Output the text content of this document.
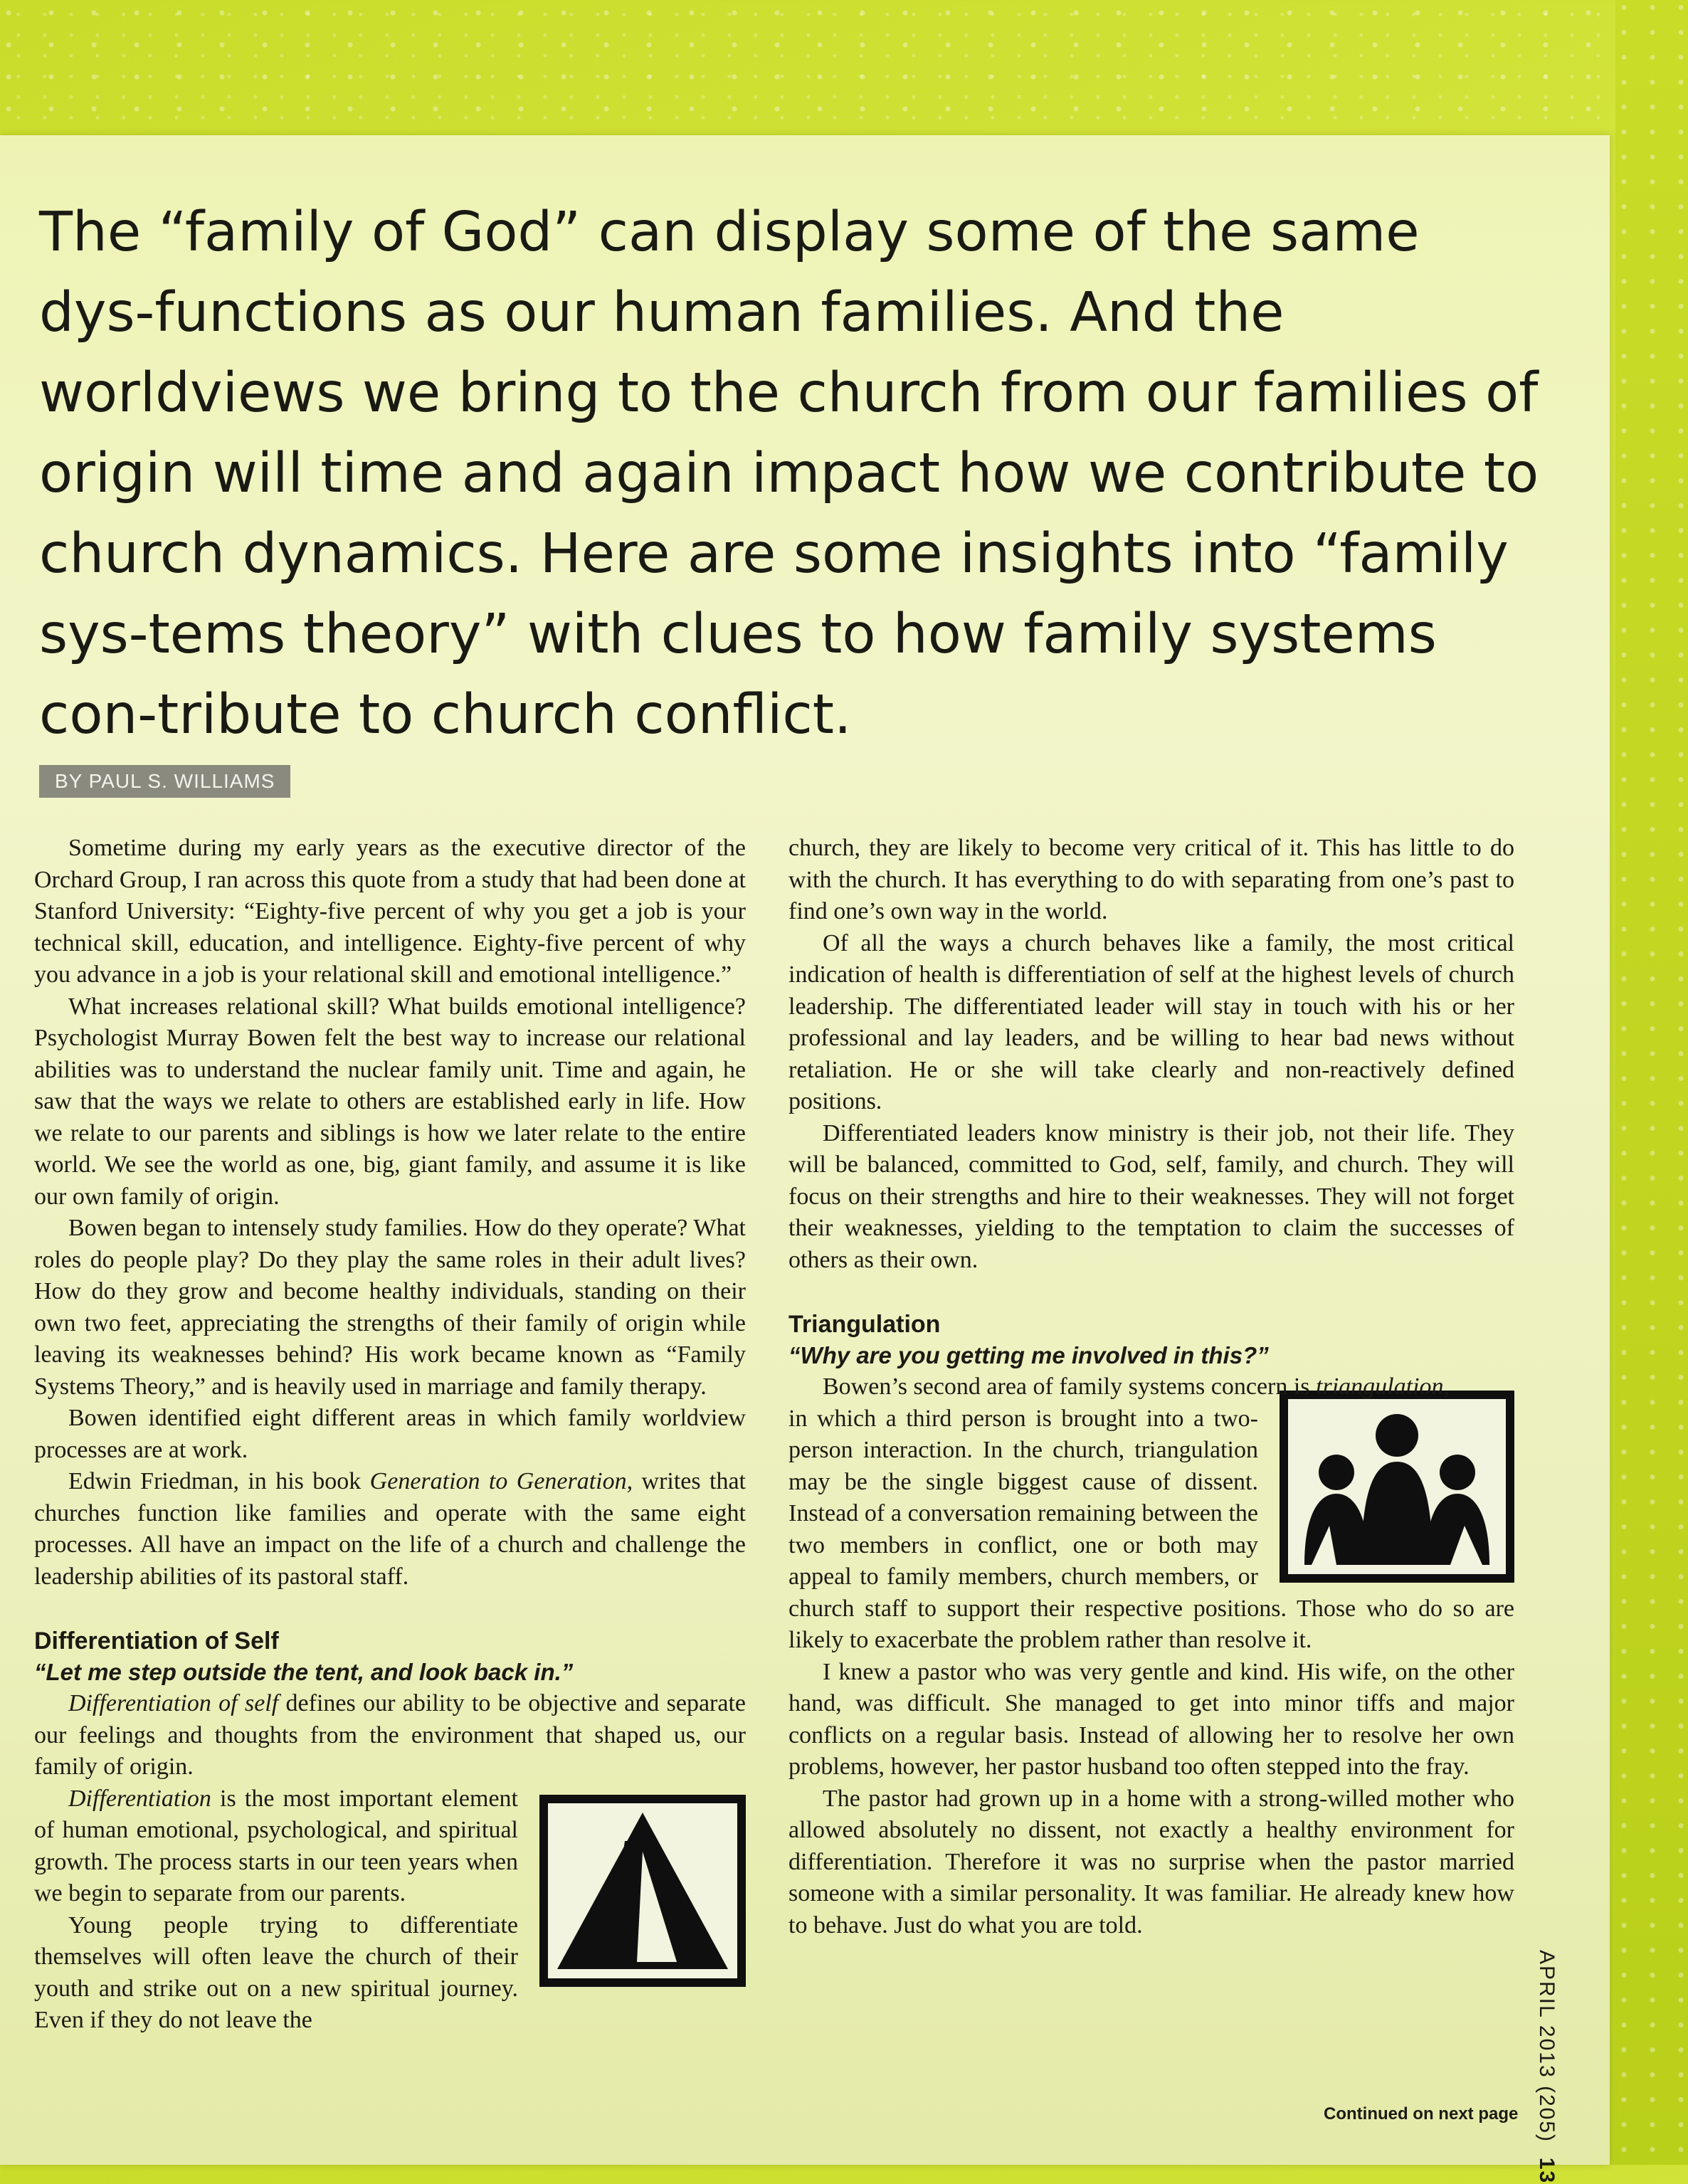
The “family of God” can display some of the same dys-functions as our human families. And the worldviews we bring to the church from our families of origin will time and again impact how we contribute to church dynamics. Here are some insights into “family sys-tems theory” with clues to how family systems con-tribute to church conflict.
BY PAUL S. WILLIAMS

Sometime during my early years as the executive director of the Orchard Group, I ran across this quote from a study that had been done at Stanford University: “Eighty-five percent of why you get a job is your technical skill, education, and intelligence. Eighty-five percent of why you advance in a job is your relational skill and emotional intelligence.”

What increases relational skill? What builds emotional intelligence? Psychologist Murray Bowen felt the best way to increase our relational abilities was to understand the nuclear family unit. Time and again, he saw that the ways we relate to others are established early in life. How we relate to our parents and siblings is how we later relate to the entire world. We see the world as one, big, giant family, and assume it is like our own family of origin.

Bowen began to intensely study families. How do they operate? What roles do people play? Do they play the same roles in their adult lives? How do they grow and become healthy individuals, standing on their own two feet, appreciating the strengths of their family of origin while leaving its weaknesses behind? His work became known as “Family Systems Theory,” and is heavily used in marriage and family therapy.

Bowen identified eight different areas in which family worldview processes are at work.

Edwin Friedman, in his book Generation to Generation, writes that churches function like families and operate with the same eight processes. All have an impact on the life of a church and challenge the leadership abilities of its pastoral staff.

Differentiation of Self

“Let me step outside the tent, and look back in.”

Differentiation of self defines our ability to be objective and separate our feelings and thoughts from the environment that shaped us, our family of origin.

Differentiation is the most important element of human emotional, psychological, and spiritual growth. The process starts in our teen years when we begin to separate from our parents.

Young people trying to differentiate themselves will often leave the church of their youth and strike out on a new spiritual journey. Even if they do not leave the

church, they are likely to become very critical of it. This has little to do with the church. It has everything to do with separating from one’s past to find one’s own way in the world.

Of all the ways a church behaves like a family, the most critical indication of health is differentiation of self at the highest levels of church leadership. The differentiated leader will stay in touch with his or her professional and lay leaders, and be willing to hear bad news without retaliation. He or she will take clearly and non-reactively defined positions.

Differentiated leaders know ministry is their job, not their life. They will be balanced, committed to God, self, family, and church. They will focus on their strengths and hire to their weaknesses. They will not forget their weaknesses, yielding to the temptation to claim the successes of others as their own.

Triangulation

“Why are you getting me involved in this?”

Bowen’s second area of family systems concern is triangulation,

in which a third person is brought into a two-person interaction. In the church, triangulation may be the single biggest cause of dissent. Instead of a conversation remaining between the two members in conflict, one or both may appeal to family members, church members, or church staff to support their respective positions. Those who do so are likely to exacerbate the problem rather than resolve it.

I knew a pastor who was very gentle and kind. His wife, on the other hand, was difficult. She managed to get into minor tiffs and major conflicts on a regular basis. Instead of allowing her to resolve her own problems, however, her pastor husband too often stepped into the fray.

The pastor had grown up in a home with a strong-willed mother who allowed absolutely no dissent, not exactly a healthy environment for differentiation. Therefore it was no surprise when the pastor married someone with a similar personality. It was familiar. He already knew how to behave. Just do what you are told.

Continued on next page APRIL 2013 (205)  13
